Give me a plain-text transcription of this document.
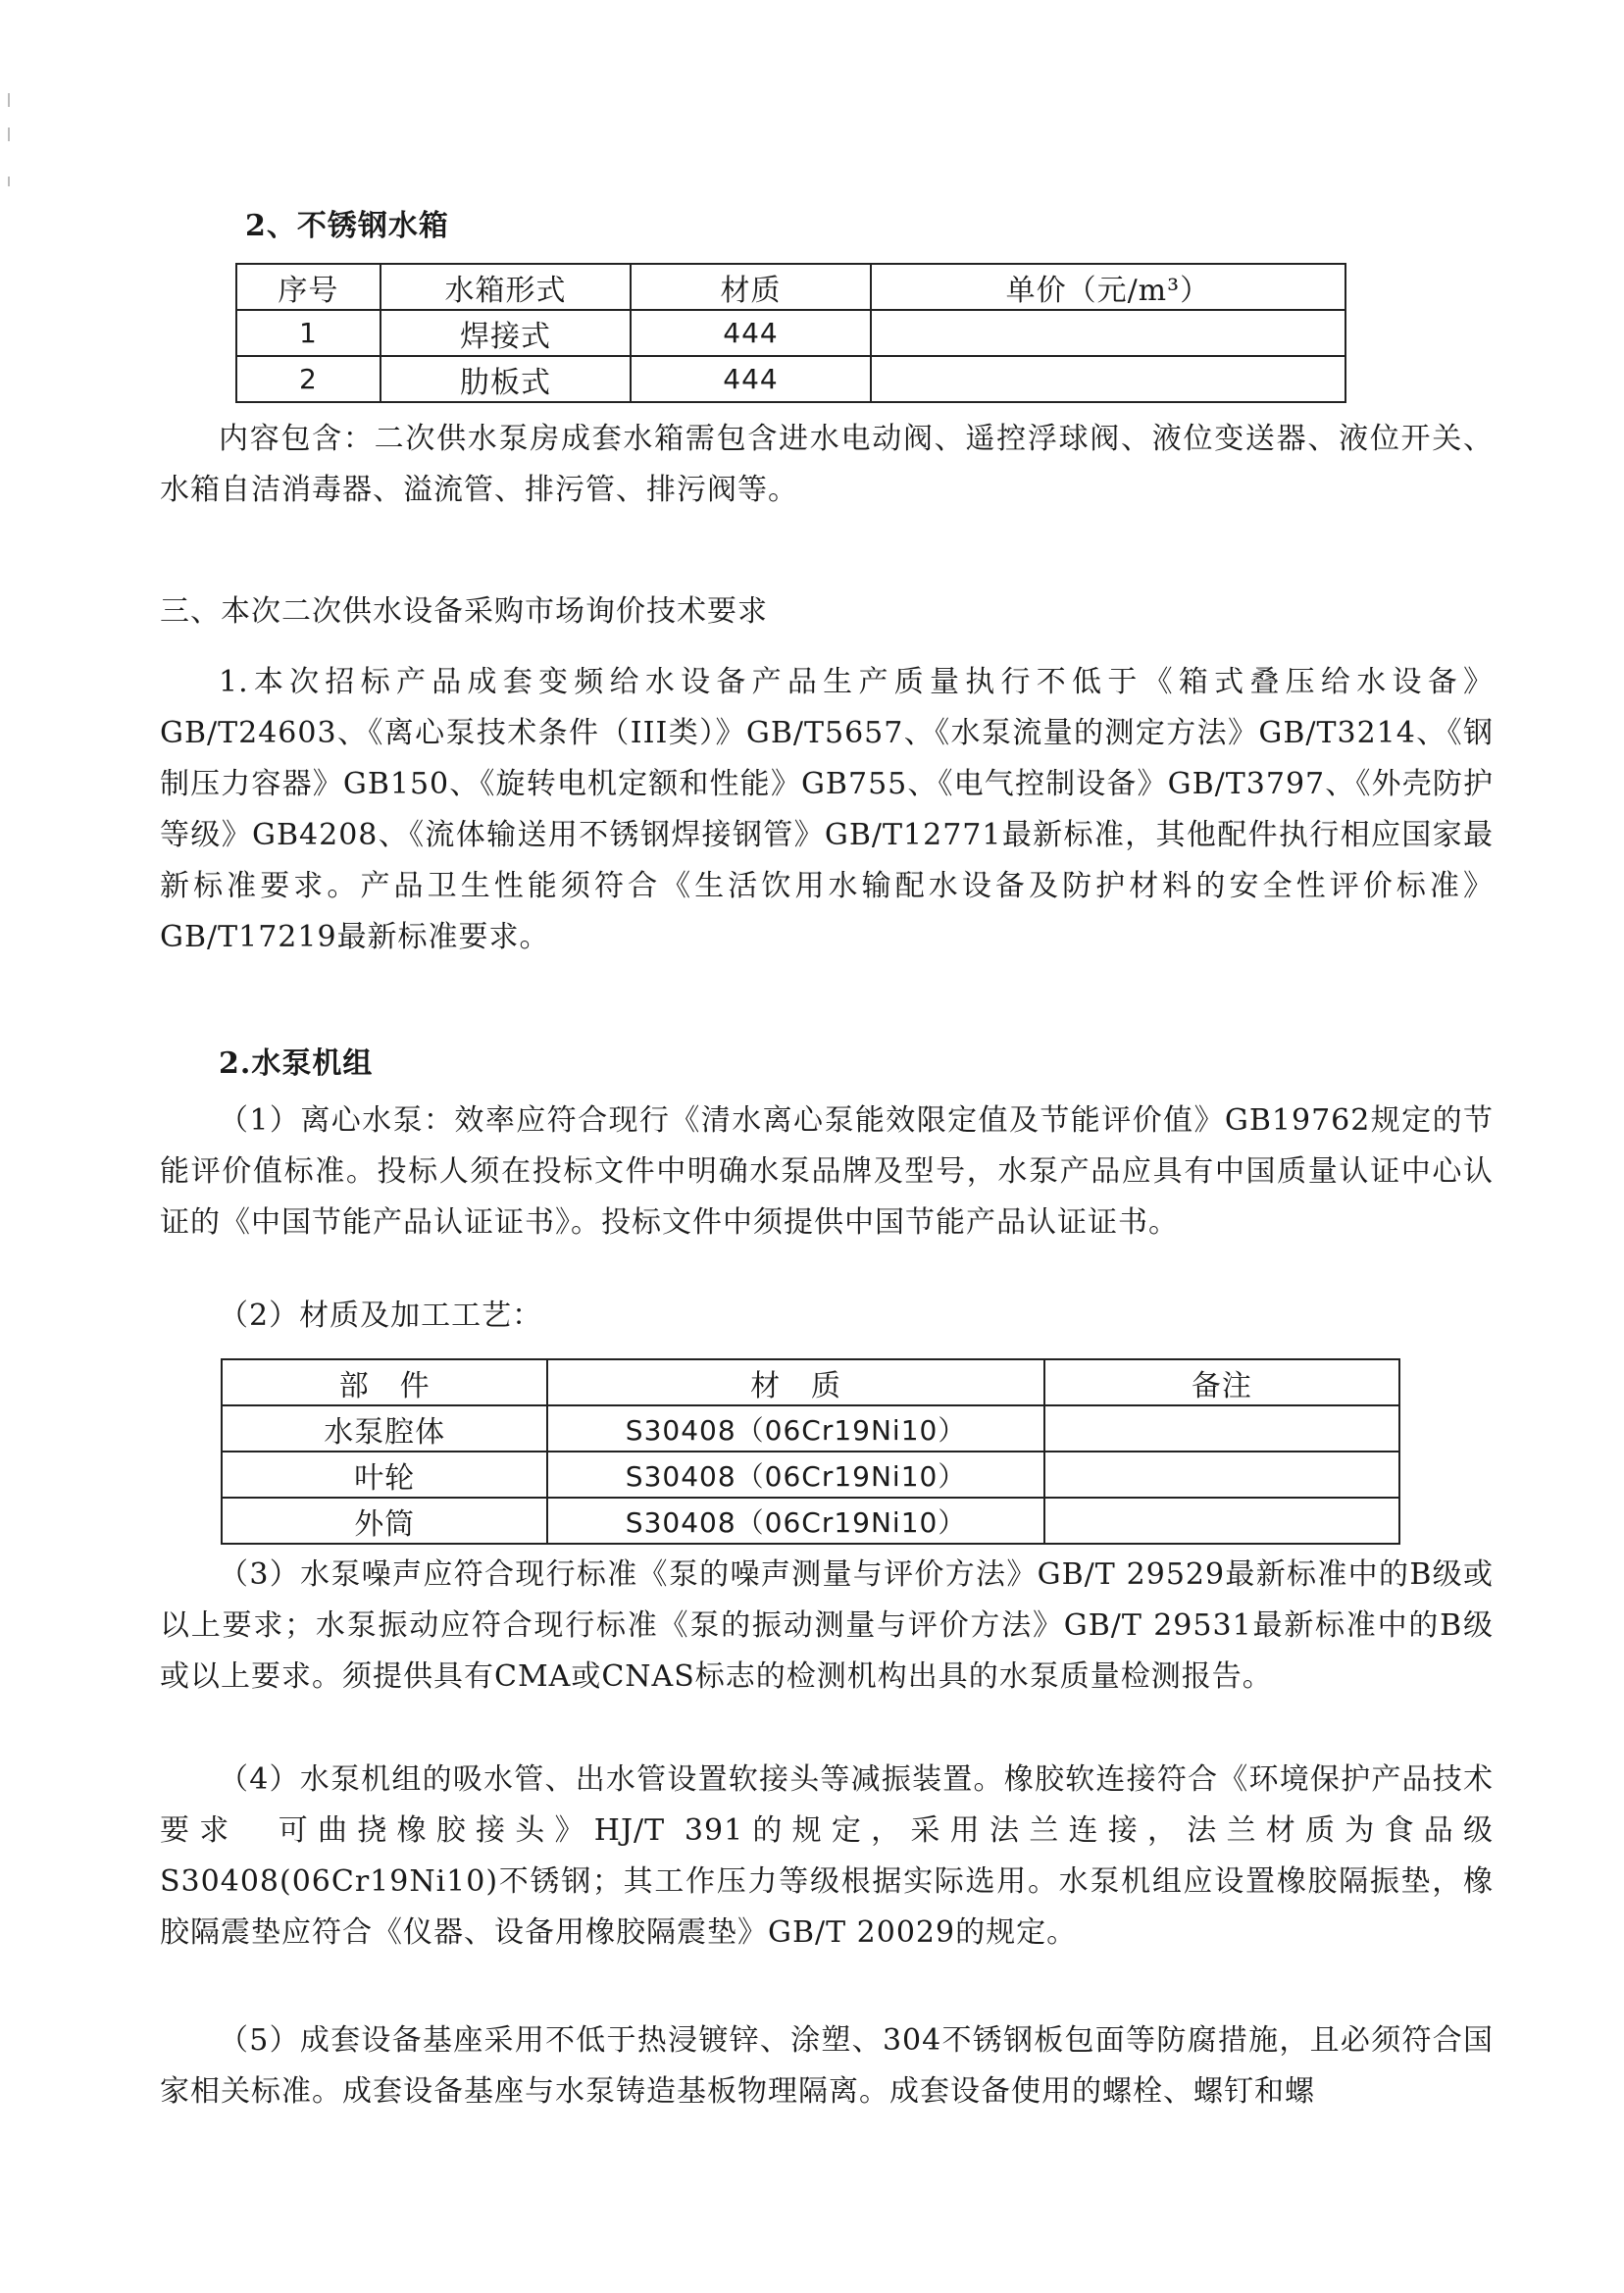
2、不锈钢水箱
序号	水箱形式	材质	单价（元/m³）
1	焊接式	444	
2	肋板式	444	

内容包含：二次供水泵房成套水箱需包含进水电动阀、遥控浮球阀、液位变送器、液位开关、水箱自洁消毒器、溢流管、排污管、排污阀等。

三、本次二次供水设备采购市场询价技术要求

1.本次招标产品成套变频给水设备产品生产质量执行不低于《箱式叠压给水设备》GB/T24603、《离心泵技术条件（III类）》GB/T5657、《水泵流量的测定方法》GB/T3214、《钢制压力容器》GB150、《旋转电机定额和性能》GB755、《电气控制设备》GB/T3797、《外壳防护等级》GB4208、《流体输送用不锈钢焊接钢管》GB/T12771最新标准，其他配件执行相应国家最新标准要求。产品卫生性能须符合《生活饮用水输配水设备及防护材料的安全性评价标准》GB/T17219最新标准要求。

2.水泵机组

（1）离心水泵：效率应符合现行《清水离心泵能效限定值及节能评价值》GB19762规定的节能评价值标准。投标人须在投标文件中明确水泵品牌及型号，水泵产品应具有中国质量认证中心认证的《中国节能产品认证证书》。投标文件中须提供中国节能产品认证证书。

（2）材质及加工工艺：

部　件	材　质	备注
水泵腔体	S30408（06Cr19Ni10）	
叶轮	S30408（06Cr19Ni10）	
外筒	S30408（06Cr19Ni10）	

（3）水泵噪声应符合现行标准《泵的噪声测量与评价方法》GB/T 29529最新标准中的B级或以上要求；水泵振动应符合现行标准《泵的振动测量与评价方法》GB/T 29531最新标准中的B级或以上要求。须提供具有CMA或CNAS标志的检测机构出具的水泵质量检测报告。

（4）水泵机组的吸水管、出水管设置软接头等减振装置。橡胶软连接符合《环境保护产品技术要求　可曲挠橡胶接头》HJ/T 391的规定，采用法兰连接，法兰材质为食品级S30408(06Cr19Ni10)不锈钢；其工作压力等级根据实际选用。水泵机组应设置橡胶隔振垫，橡胶隔震垫应符合《仪器、设备用橡胶隔震垫》GB/T 20029的规定。

（5）成套设备基座采用不低于热浸镀锌、涂塑、304不锈钢板包面等防腐措施，且必须符合国家相关标准。成套设备基座与水泵铸造基板物理隔离。成套设备使用的螺栓、螺钉和螺
